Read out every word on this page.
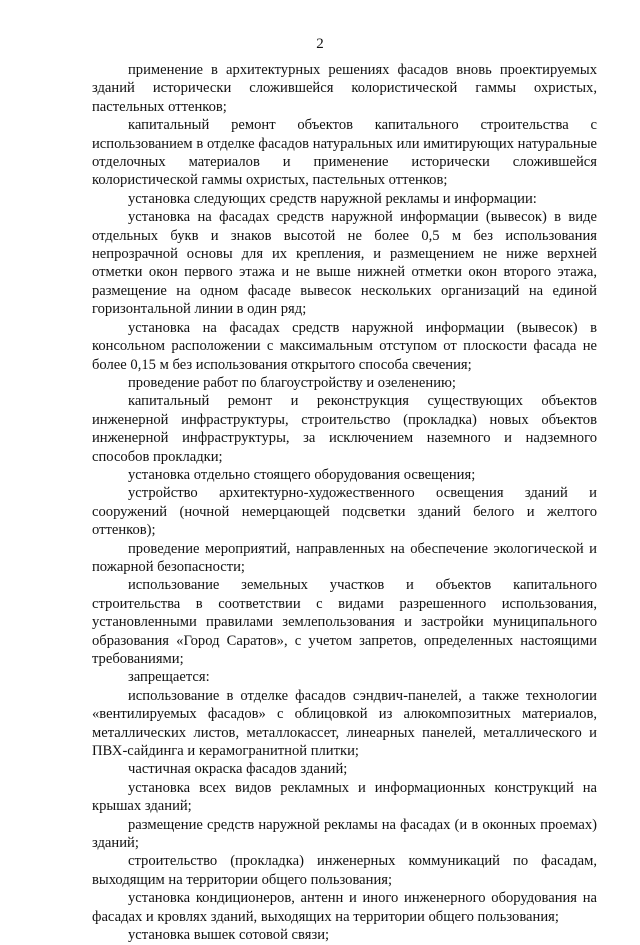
2

применение в архитектурных решениях фасадов вновь проектируемых зданий исторически сложившейся колористической гаммы охристых, пастельных оттенков;

капитальный ремонт объектов капитального строительства с использованием в отделке фасадов натуральных или имитирующих натуральные отделочных материалов и применение исторически сложившейся колористической гаммы охристых, пастельных оттенков;

установка следующих средств наружной рекламы и информации:

установка на фасадах средств наружной информации (вывесок) в виде отдельных букв и знаков высотой не более 0,5 м без использования непрозрачной основы для их крепления, и размещением не ниже верхней отметки окон первого этажа и не выше нижней отметки окон второго этажа, размещение на одном фасаде вывесок нескольких организаций на единой горизонтальной линии в один ряд;

установка на фасадах средств наружной информации (вывесок) в консольном расположении с максимальным отступом от плоскости фасада не более 0,15 м без использования открытого способа свечения;

проведение работ по благоустройству и озеленению;

капитальный ремонт и реконструкция существующих объектов инженерной инфраструктуры, строительство (прокладка) новых объектов инженерной инфраструктуры, за исключением наземного и надземного способов прокладки;

установка отдельно стоящего оборудования освещения;

устройство архитектурно-художественного освещения зданий и сооружений (ночной немерцающей подсветки зданий белого и желтого оттенков);

проведение мероприятий, направленных на обеспечение экологической и пожарной безопасности;

использование земельных участков и объектов капитального строительства в соответствии с видами разрешенного использования, установленными правилами землепользования и застройки муниципального образования «Город Саратов», с учетом запретов, определенных настоящими требованиями;

запрещается:

использование в отделке фасадов сэндвич-панелей, а также технологии «вентилируемых фасадов» с облицовкой из алюкомпозитных материалов, металлических листов, металлокассет, линеарных панелей, металлического и ПВХ-сайдинга и керамогранитной плитки;

частичная окраска фасадов зданий;

установка всех видов рекламных и информационных конструкций на крышах зданий;

размещение средств наружной рекламы на фасадах (и в оконных проемах) зданий;

строительство (прокладка) инженерных коммуникаций по фасадам, выходящим на территории общего пользования;

установка кондиционеров, антенн и иного инженерного оборудования на фасадах и кровлях зданий, выходящих на территории общего пользования;

установка вышек сотовой связи;
